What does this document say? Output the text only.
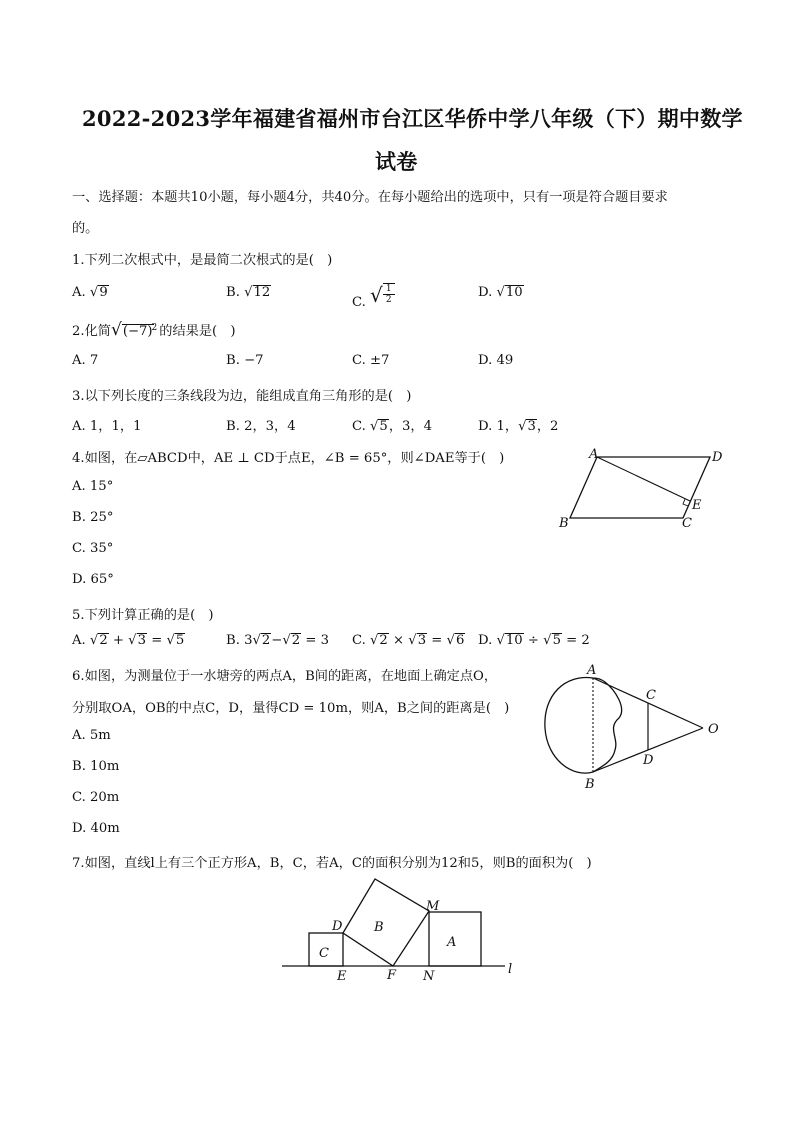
2022-2023学年福建省福州市台江区华侨中学八年级（下）期中数学
试卷
一、选择题：本题共10小题，每小题4分，共40分。在每小题给出的选项中，只有一项是符合题目要求
的。
1.下列二次根式中，是最简二次根式的是(　)
A. √9	B. √12
C. √ $\frac{1}{2}$	D. √10
2.化简$√(-7)^2$ 的结果是(　)
A. 7	B. −7	C. ±7	D. 49
3.以下列长度的三条线段为边，能组成直角三角形的是(　)
A. 1，1，1	B. 2，3，4	C. √5，3，4	D. 1，√3，2
4.如图，在▱ABCD中，AE ⊥ CD于点E，∠B = 65°，则∠DAE等于(　)
A. 15°
B. 25°
C. 35°
D. 65°
A	D
E
B	C
5.下列计算正确的是(　)
A. √2 + √3 = √5	B. 3√2−√2 = 3 C. √2 × √3 = √6 D. √10 ÷ √5 = 2
6.如图，为测量位于一水塘旁的两点A，B间的距离，在地面上确定点O，
分别取OA，OB的中点C，D，量得CD = 10m，则A，B之间的距离是(　)
A. 5m
B. 10m
C. 20m
D. 40m
A
B
C
D
O
7.如图，直线l上有三个正方形A，B，C，若A，C的面积分别为12和5，则B的面积为(　)
C
B
A
D
E	F
M
N	l
